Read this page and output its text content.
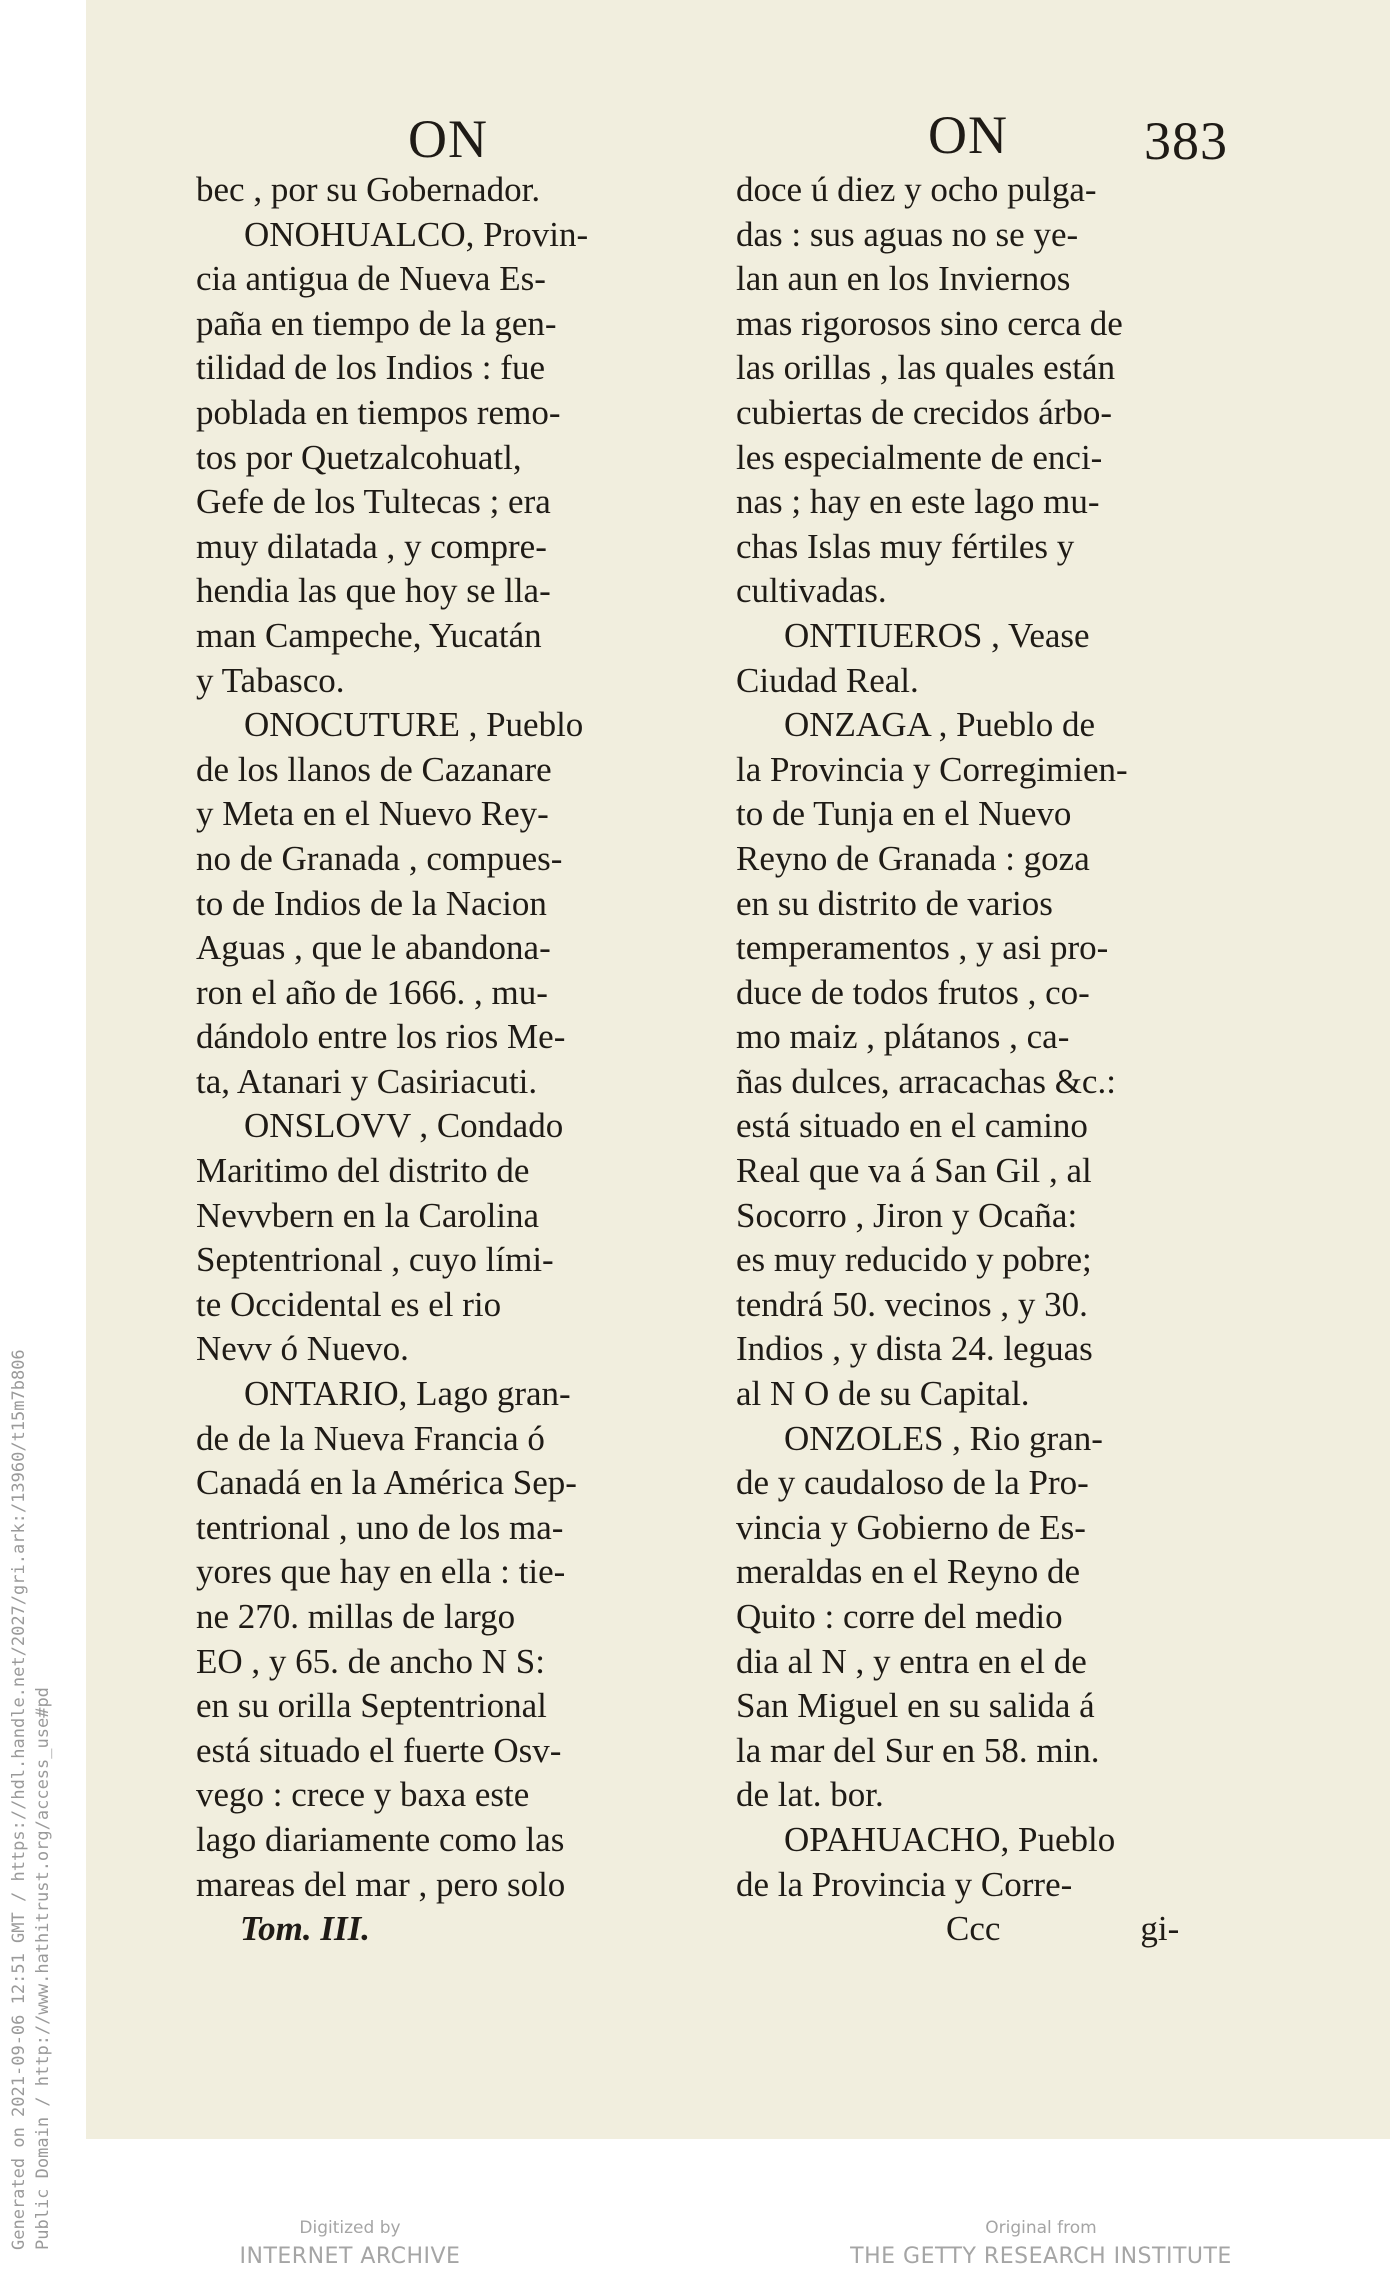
Generated on 2021-09-06 12:51 GMT / https://hdl.handle.net/2027/gri.ark:/13960/t15m7b806 Public Domain / http://www.hathitrust.org/access_use#pd
ON	ON	383
bec , por su Gobernador.
ONOHUALCO, Provin-
cia antigua de Nueva Es-
paña en tiempo de la gen-
tilidad de los Indios : fue
poblada en tiempos remo-
tos por Quetzalcohuatl,
Gefe de los Tultecas ; era
muy dilatada , y compre-
hendia las que hoy se lla-
man Campeche, Yucatán
y Tabasco.
ONOCUTURE , Pueblo
de los llanos de Cazanare
y Meta en el Nuevo Rey-
no de Granada , compues-
to de Indios de la Nacion
Aguas , que le abandona-
ron el año de 1666. , mu-
dándolo entre los rios Me-
ta, Atanari y Casiriacuti.
ONSLOVV , Condado
Maritimo del distrito de
Nevvbern en la Carolina
Septentrional , cuyo lími-
te Occidental es el rio
Nevv ó Nuevo.
ONTARIO, Lago gran-
de de la Nueva Francia ó
Canadá en la América Sep-
tentrional , uno de los ma-
yores que hay en ella : tie-
ne 270. millas de largo
EO , y 65. de ancho N S:
en su orilla Septentrional
está situado el fuerte Osv-
vego : crece y baxa este
lago diariamente como las
mareas del mar , pero solo
Tom. III.
doce ú diez y ocho pulga-
das : sus aguas no se ye-
lan aun en los Inviernos
mas rigorosos sino cerca de
las orillas , las quales están
cubiertas de crecidos árbo-
les especialmente de enci-
nas ; hay en este lago mu-
chas Islas muy fértiles y
cultivadas.
ONTIUEROS , Vease
Ciudad Real.
ONZAGA , Pueblo de
la Provincia y Corregimien-
to de Tunja en el Nuevo
Reyno de Granada : goza
en su distrito de varios
temperamentos , y asi pro-
duce de todos frutos , co-
mo maiz , plátanos , ca-
ñas dulces, arracachas &c.:
está situado en el camino
Real que va á San Gil , al
Socorro , Jiron y Ocaña:
es muy reducido y pobre;
tendrá 50. vecinos , y 30.
Indios , y dista 24. leguas
al N O de su Capital.
ONZOLES , Rio gran-
de y caudaloso de la Pro-
vincia y Gobierno de Es-
meraldas en el Reyno de
Quito : corre del medio
dia al N , y entra en el de
San Miguel en su salida á
la mar del Sur en 58. min.
de lat. bor.
OPAHUACHO, Pueblo
de la Provincia y Corre-
Ccc                gi-
Digitized by
INTERNET ARCHIVE
Original from
THE GETTY RESEARCH INSTITUTE
